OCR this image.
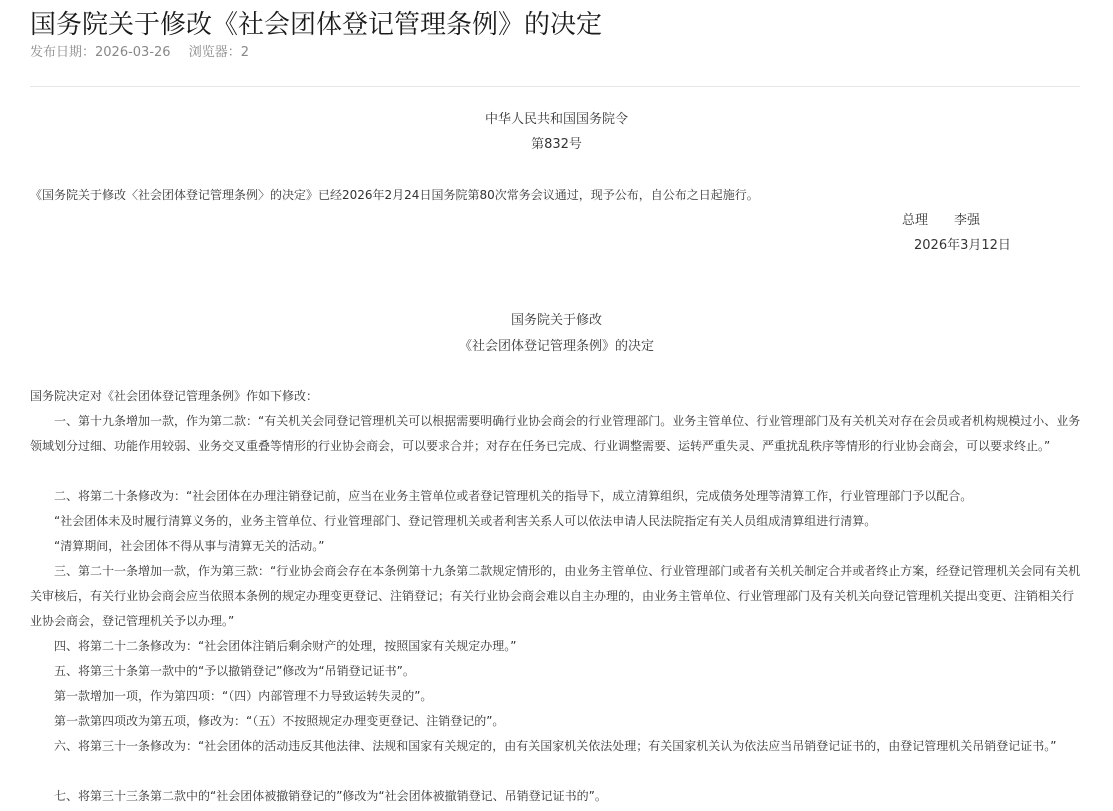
国务院关于修改《社会团体登记管理条例》的决定
发布日期：2026-03-26 浏览器：2
中华人民共和国国务院令
第832号

《国务院关于修改〈社会团体登记管理条例〉的决定》已经2026年2月24日国务院第80次常务会议通过，现予公布，自公布之日起施行。

总理　　李强
2026年3月12日
国务院关于修改
《社会团体登记管理条例》的决定

国务院决定对《社会团体登记管理条例》作如下修改：

一、第十九条增加一款，作为第二款：“有关机关会同登记管理机关可以根据需要明确行业协会商会的行业管理部门。业务主管单位、行业管理部门及有关机关对存在会员或者机构规模过小、业务领域划分过细、功能作用较弱、业务交叉重叠等情形的行业协会商会，可以要求合并；对存在任务已完成、行业调整需要、运转严重失灵、严重扰乱秩序等情形的行业协会商会，可以要求终止。”

二、将第二十条修改为：“社会团体在办理注销登记前，应当在业务主管单位或者登记管理机关的指导下，成立清算组织，完成债务处理等清算工作，行业管理部门予以配合。

“社会团体未及时履行清算义务的，业务主管单位、行业管理部门、登记管理机关或者利害关系人可以依法申请人民法院指定有关人员组成清算组进行清算。

“清算期间，社会团体不得从事与清算无关的活动。”

三、第二十一条增加一款，作为第三款：“行业协会商会存在本条例第十九条第二款规定情形的，由业务主管单位、行业管理部门或者有关机关制定合并或者终止方案，经登记管理机关会同有关机关审核后，有关行业协会商会应当依照本条例的规定办理变更登记、注销登记；有关行业协会商会难以自主办理的，由业务主管单位、行业管理部门及有关机关向登记管理机关提出变更、注销相关行业协会商会，登记管理机关予以办理。”

四、将第二十二条修改为：“社会团体注销后剩余财产的处理，按照国家有关规定办理。”

五、将第三十条第一款中的“予以撤销登记”修改为“吊销登记证书”。

第一款增加一项，作为第四项：“（四）内部管理不力导致运转失灵的”。

第一款第四项改为第五项，修改为：“（五）不按照规定办理变更登记、注销登记的”。

六、将第三十一条修改为：“社会团体的活动违反其他法律、法规和国家有关规定的，由有关国家机关依法处理；有关国家机关认为依法应当吊销登记证书的，由登记管理机关吊销登记证书。”

七、将第三十三条第二款中的“社会团体被撤销登记的”修改为“社会团体被撤销登记、吊销登记证书的”。
